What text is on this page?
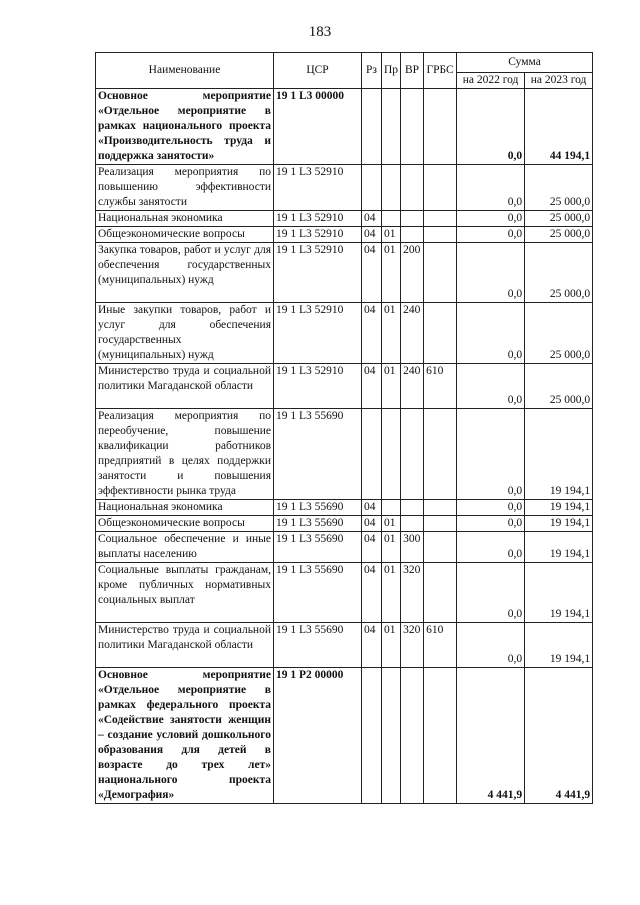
183
Наименование	ЦСР	Рз	Пр	ВР	ГРБС	Сумма	
						на 2022 год	на 2023 год
Основное мероприятие «Отдельное мероприятие в рамках национального проекта «Производительность труда и поддержка занятости»	19 1 L3 00000					0,0	44 194,1
Реализация мероприятия по повышению эффективности службы занятости	19 1 L3 52910					0,0	25 000,0
Национальная экономика	19 1 L3 52910	04				0,0	25 000,0
Общеэкономические вопросы	19 1 L3 52910	04	01			0,0	25 000,0
Закупка товаров, работ и услуг для обеспечения государственных (муниципальных) нужд	19 1 L3 52910	04	01	200		0,0	25 000,0
Иные закупки товаров, работ и услуг для обеспечения государственных (муниципальных) нужд	19 1 L3 52910	04	01	240		0,0	25 000,0
Министерство труда и социальной политики Магаданской области	19 1 L3 52910	04	01	240	610	0,0	25 000,0
Реализация мероприятия по переобучение, повышение квалификации работников предприятий в целях поддержки занятости и повышения эффективности рынка труда	19 1 L3 55690					0,0	19 194,1
Национальная экономика	19 1 L3 55690	04				0,0	19 194,1
Общеэкономические вопросы	19 1 L3 55690	04	01			0,0	19 194,1
Социальное обеспечение и иные выплаты населению	19 1 L3 55690	04	01	300		0,0	19 194,1
Социальные выплаты гражданам, кроме публичных нормативных социальных выплат	19 1 L3 55690	04	01	320		0,0	19 194,1
Министерство труда и социальной политики Магаданской области	19 1 L3 55690	04	01	320	610	0,0	19 194,1
Основное мероприятие «Отдельное мероприятие в рамках федерального проекта «Содействие занятости женщин – создание условий дошкольного образования для детей в возрасте до трех лет» национального проекта «Демография»	19 1 P2 00000					4 441,9	4 441,9
